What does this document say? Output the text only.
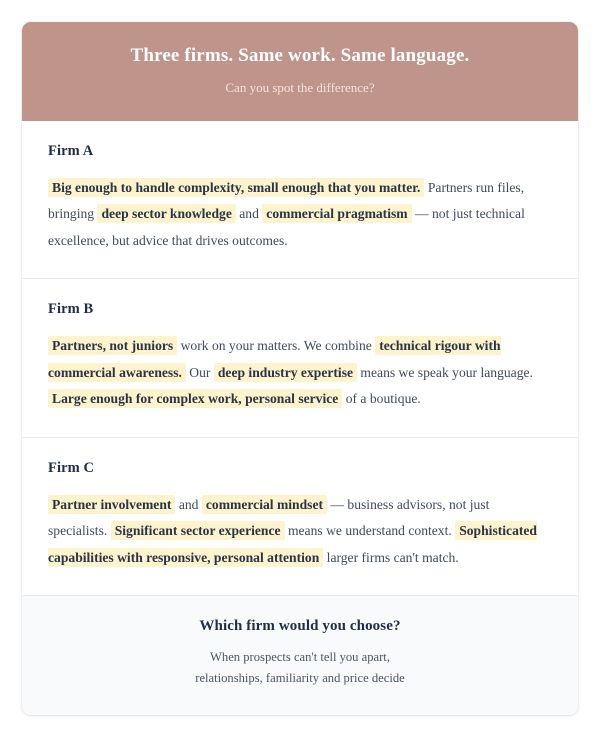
Three firms. Same work. Same language.
Can you spot the difference?
Firm A
Big enough to handle complexity, small enough that you matter. Partners run files, bringing deep sector knowledge and commercial pragmatism — not just technical excellence, but advice that drives outcomes.
Firm B
Partners, not juniors work on your matters. We combine technical rigour with commercial awareness. Our deep industry expertise means we speak your language. Large enough for complex work, personal service of a boutique.
Firm C
Partner involvement and commercial mindset — business advisors, not just specialists. Significant sector experience means we understand context. Sophisticated capabilities with responsive, personal attention larger firms can't match.
Which firm would you choose?
When prospects can't tell you apart,
relationships, familiarity and price decide
